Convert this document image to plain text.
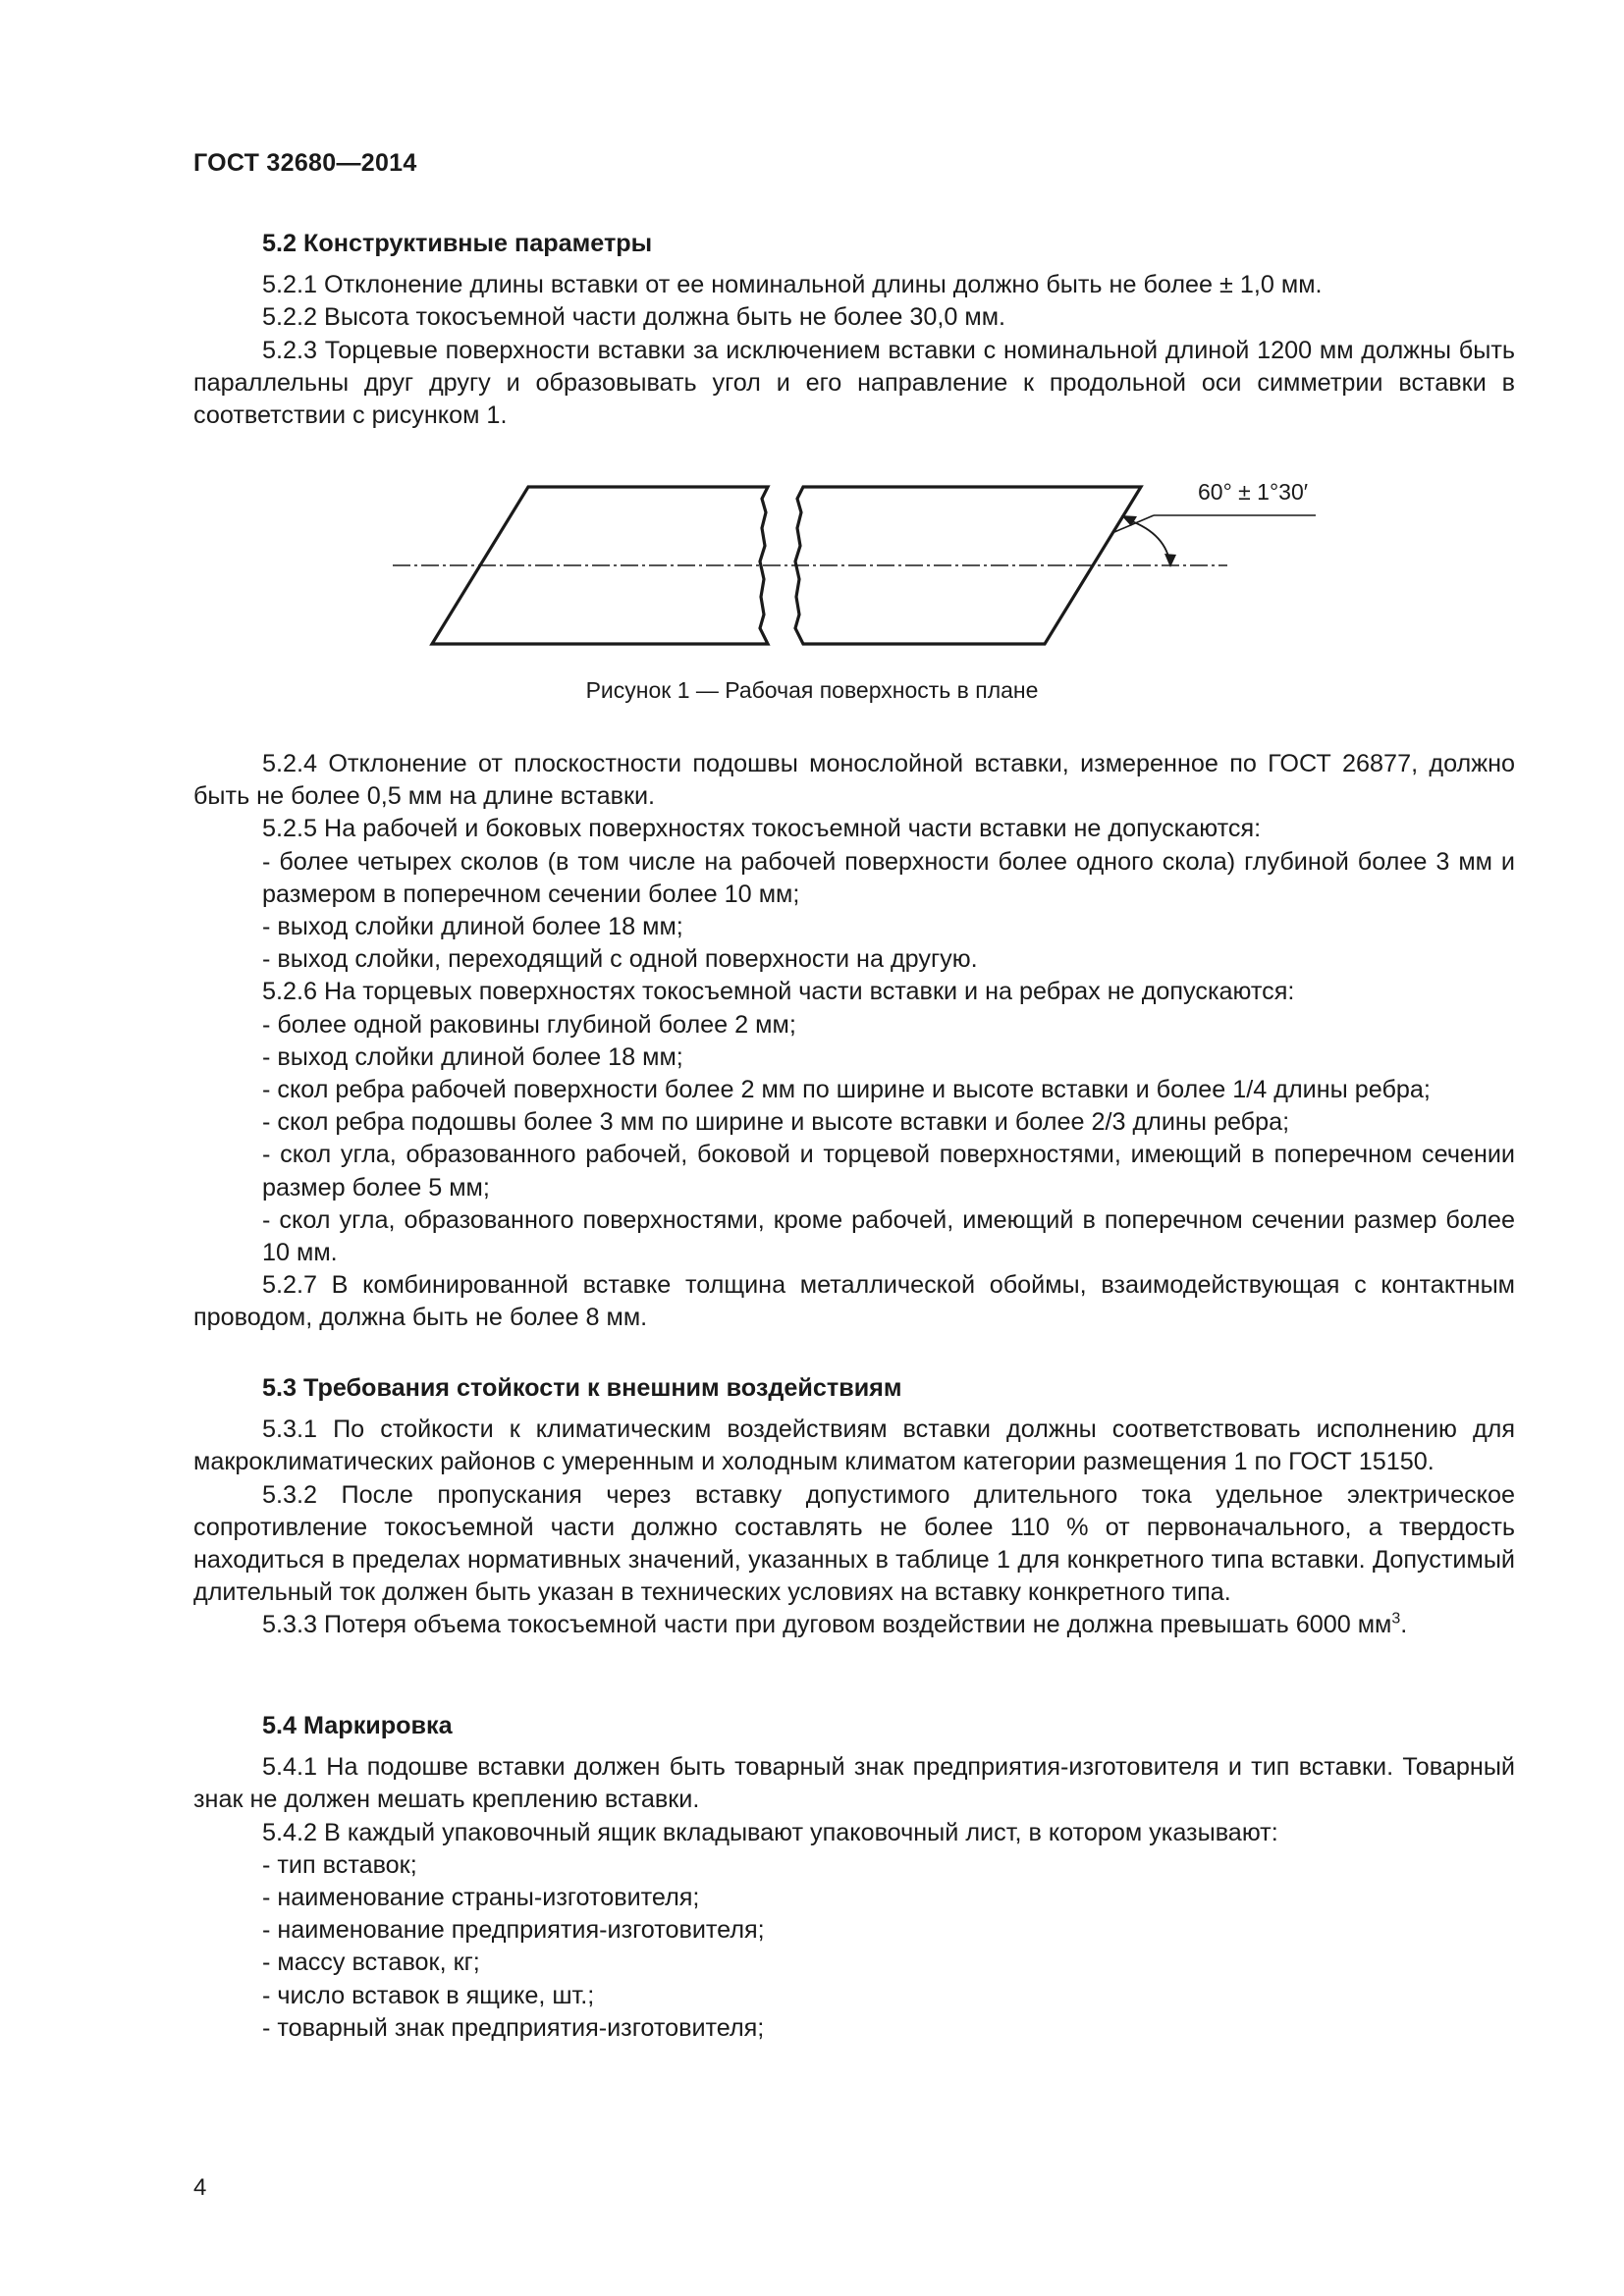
ГОСТ 32680—2014

5.2 Конструктивные параметры

5.2.1 Отклонение длины вставки от ее номинальной длины должно быть не более ± 1,0 мм.

5.2.2 Высота токосъемной части должна быть не более 30,0 мм.

5.2.3 Торцевые поверхности вставки за исключением вставки с номинальной длиной 1200 мм должны быть параллельны друг другу и образовывать угол и его направление к продольной оси симметрии вставки в соответствии с рисунком 1.

60° ± 1°30′
Рисунок 1 — Рабочая поверхность в плане

5.2.4 Отклонение от плоскостности подошвы монослойной вставки, измеренное по ГОСТ 26877, должно быть не более 0,5 мм на длине вставки.

5.2.5 На рабочей и боковых поверхностях токосъемной части вставки не допускаются:

- более четырех сколов (в том числе на рабочей поверхности более одного скола) глубиной более 3 мм и размером в поперечном сечении более 10 мм;

- выход слойки длиной более 18 мм;

- выход слойки, переходящий с одной поверхности на другую.

5.2.6 На торцевых поверхностях токосъемной части вставки и на ребрах не допускаются:

- более одной раковины глубиной более 2 мм;

- выход слойки длиной более 18 мм;

- скол ребра рабочей поверхности более 2 мм по ширине и высоте вставки и более 1/4 длины ребра;

- скол ребра подошвы более 3 мм по ширине и высоте вставки и более 2/3 длины ребра;

- скол угла, образованного рабочей, боковой и торцевой поверхностями, имеющий в поперечном сечении размер более 5 мм;

- скол угла, образованного поверхностями, кроме рабочей, имеющий в поперечном сечении размер более 10 мм.

5.2.7 В комбинированной вставке толщина металлической обоймы, взаимодействующая с контактным проводом, должна быть не более 8 мм.

5.3 Требования стойкости к внешним воздействиям

5.3.1 По стойкости к климатическим воздействиям вставки должны соответствовать исполнению для макроклиматических районов с умеренным и холодным климатом категории размещения 1 по ГОСТ 15150.

5.3.2 После пропускания через вставку допустимого длительного тока удельное электрическое сопротивление токосъемной части должно составлять не более 110 % от первоначального, а твердость находиться в пределах нормативных значений, указанных в таблице 1 для конкретного типа вставки. Допустимый длительный ток должен быть указан в технических условиях на вставку конкретного типа.

5.3.3 Потеря объема токосъемной части при дуговом воздействии не должна превышать 6000 $мм^3$.

5.4 Маркировка

5.4.1 На подошве вставки должен быть товарный знак предприятия-изготовителя и тип вставки. Товарный знак не должен мешать креплению вставки.

5.4.2 В каждый упаковочный ящик вкладывают упаковочный лист, в котором указывают:

- тип вставок;

- наименование страны-изготовителя;

- наименование предприятия-изготовителя;

- массу вставок, кг;

- число вставок в ящике, шт.;

- товарный знак предприятия-изготовителя;

4
